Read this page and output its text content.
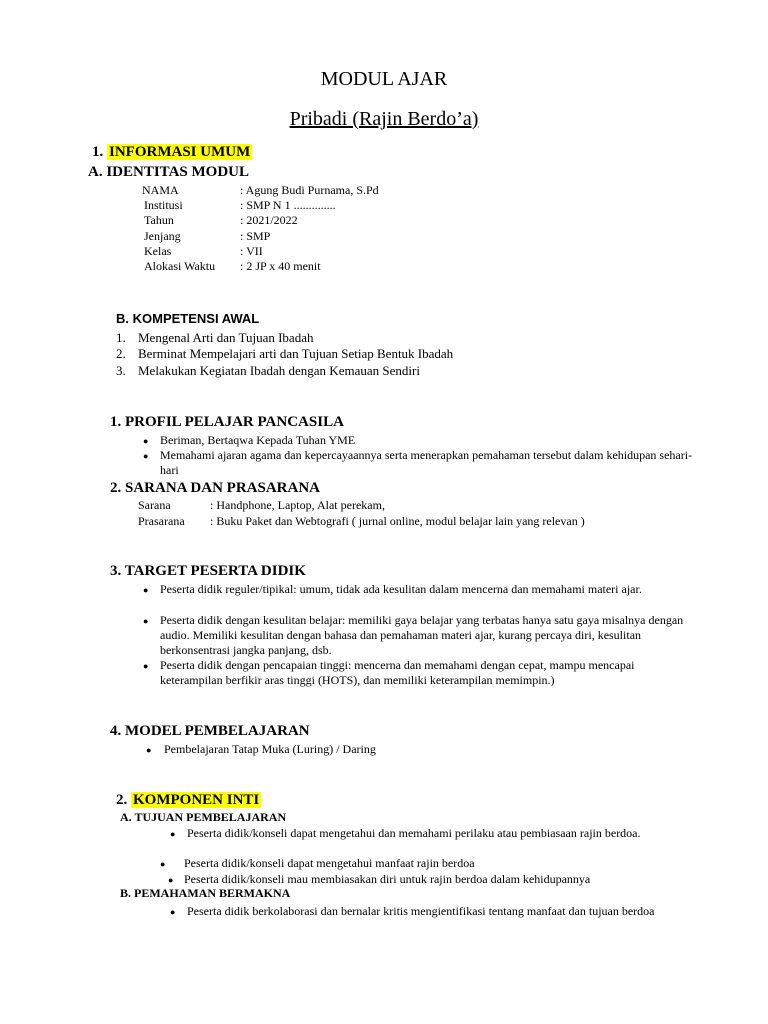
MODUL AJAR
Pribadi (Rajin Berdo’a)
1. INFORMASI UMUM
A. IDENTITAS MODUL
NAMA	: Agung Budi Purnama, S.Pd
Institusi	: SMP N 1 ..............
Tahun	: 2021/2022
Jenjang	: SMP
Kelas	: VII
Alokasi Waktu : 2 JP x 40 menit
B. KOMPETENSI AWAL
1. Mengenal Arti dan Tujuan Ibadah
2. Berminat Mempelajari arti dan Tujuan Setiap Bentuk Ibadah
3. Melakukan Kegiatan Ibadah dengan Kemauan Sendiri
1. PROFIL PELAJAR PANCASILA
● Beriman, Bertaqwa Kepada Tuhan YME
● Memahami ajaran agama dan kepercayaannya serta menerapkan pemahaman tersebut dalam kehidupan sehari-hari
2. SARANA DAN PRASARANA
Sarana	: Handphone, Laptop, Alat perekam,
Prasarana : Buku Paket dan Webtografi ( jurnal online, modul belajar lain yang relevan )
3. TARGET PESERTA DIDIK
● Peserta didik reguler/tipikal: umum, tidak ada kesulitan dalam mencerna dan memahami materi ajar.
● Peserta didik dengan kesulitan belajar: memiliki gaya belajar yang terbatas hanya satu gaya misalnya dengan audio. Memiliki kesulitan dengan bahasa dan pemahaman materi ajar, kurang percaya diri, kesulitan berkonsentrasi jangka panjang, dsb.
● Peserta didik dengan pencapaian tinggi: mencerna dan memahami dengan cepat, mampu mencapai keterampilan berfikir aras tinggi (HOTS), dan memiliki keterampilan memimpin.)
4. MODEL PEMBELAJARAN
● Pembelajaran Tatap Muka (Luring) / Daring
2. KOMPONEN INTI
A. TUJUAN PEMBELAJARAN
● Peserta didik/konseli dapat mengetahui dan memahami perilaku atau pembiasaan rajin berdoa.
● Peserta didik/konseli dapat mengetahui manfaat rajin berdoa
● Peserta didik/konseli mau membiasakan diri untuk rajin berdoa dalam kehidupannya
B. PEMAHAMAN BERMAKNA
● Peserta didik berkolaborasi dan bernalar kritis mengientifikasi tentang manfaat dan tujuan berdoa
